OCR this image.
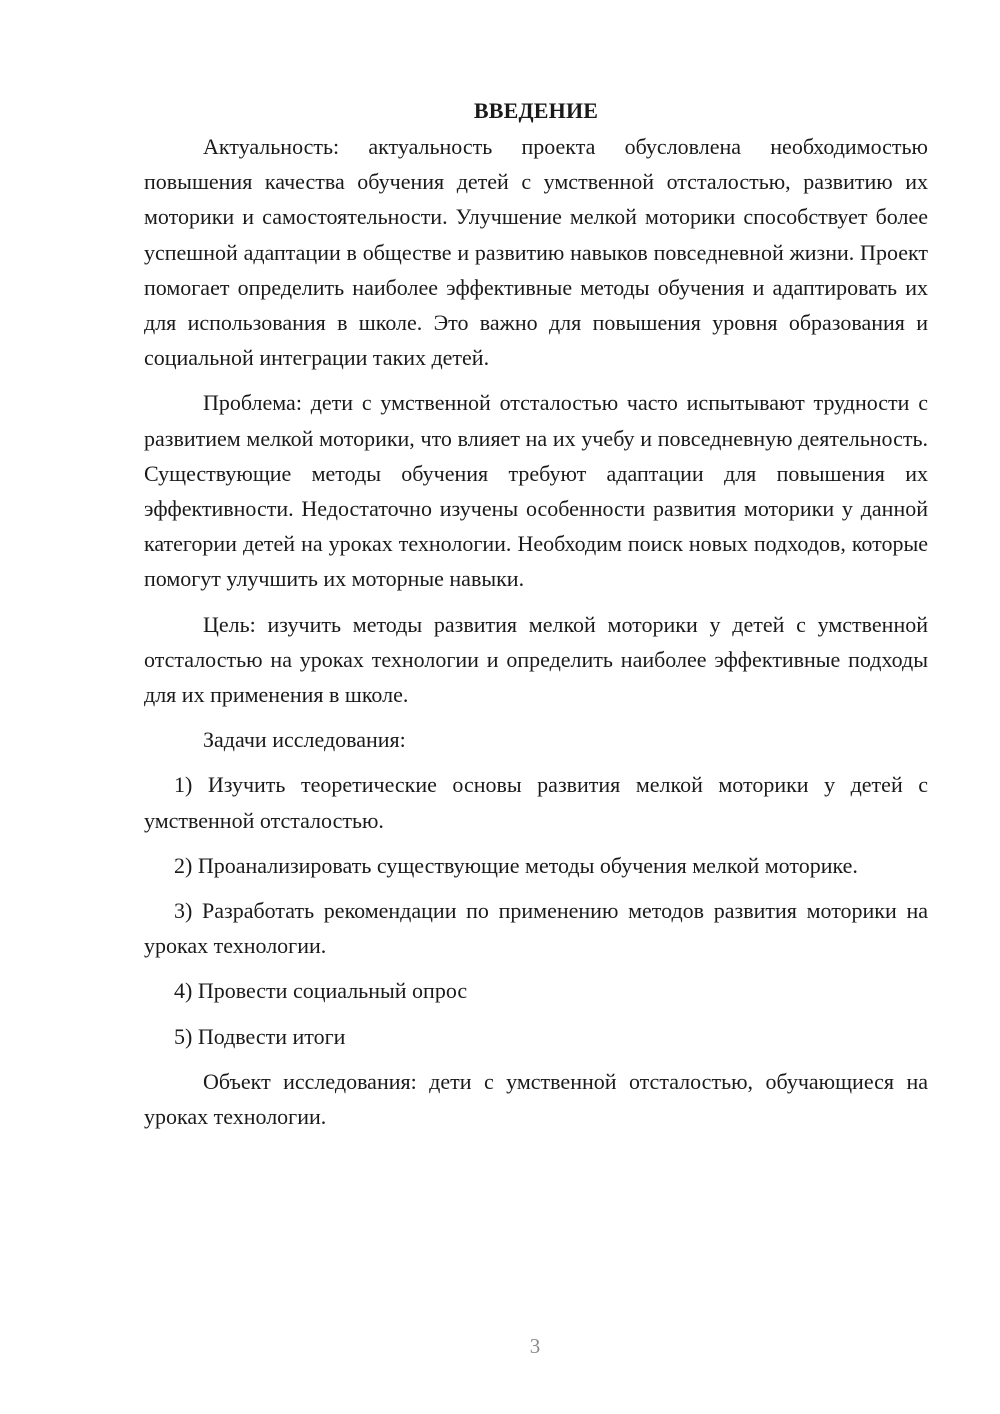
ВВЕДЕНИЕ

Актуальность: актуальность проекта обусловлена необходимостью повышения качества обучения детей с умственной отсталостью, развитию их моторики и самостоятельности. Улучшение мелкой моторики способствует более успешной адаптации в обществе и развитию навыков повседневной жизни. Проект помогает определить наиболее эффективные методы обучения и адаптировать их для использования в школе. Это важно для повышения уровня образования и социальной интеграции таких детей.

Проблема: дети с умственной отсталостью часто испытывают трудности с развитием мелкой моторики, что влияет на их учебу и повседневную деятельность. Существующие методы обучения требуют адаптации для повышения их эффективности. Недостаточно изучены особенности развития моторики у данной категории детей на уроках технологии. Необходим поиск новых подходов, которые помогут улучшить их моторные навыки.

Цель: изучить методы развития мелкой моторики у детей с умственной отсталостью на уроках технологии и определить наиболее эффективные подходы для их применения в школе.

Задачи исследования:

1) Изучить теоретические основы развития мелкой моторики у детей с умственной отсталостью.

2) Проанализировать существующие методы обучения мелкой моторике.

3) Разработать рекомендации по применению методов развития моторики на уроках технологии.

4) Провести социальный опрос

5) Подвести итоги

Объект исследования: дети с умственной отсталостью, обучающиеся на уроках технологии.

3
